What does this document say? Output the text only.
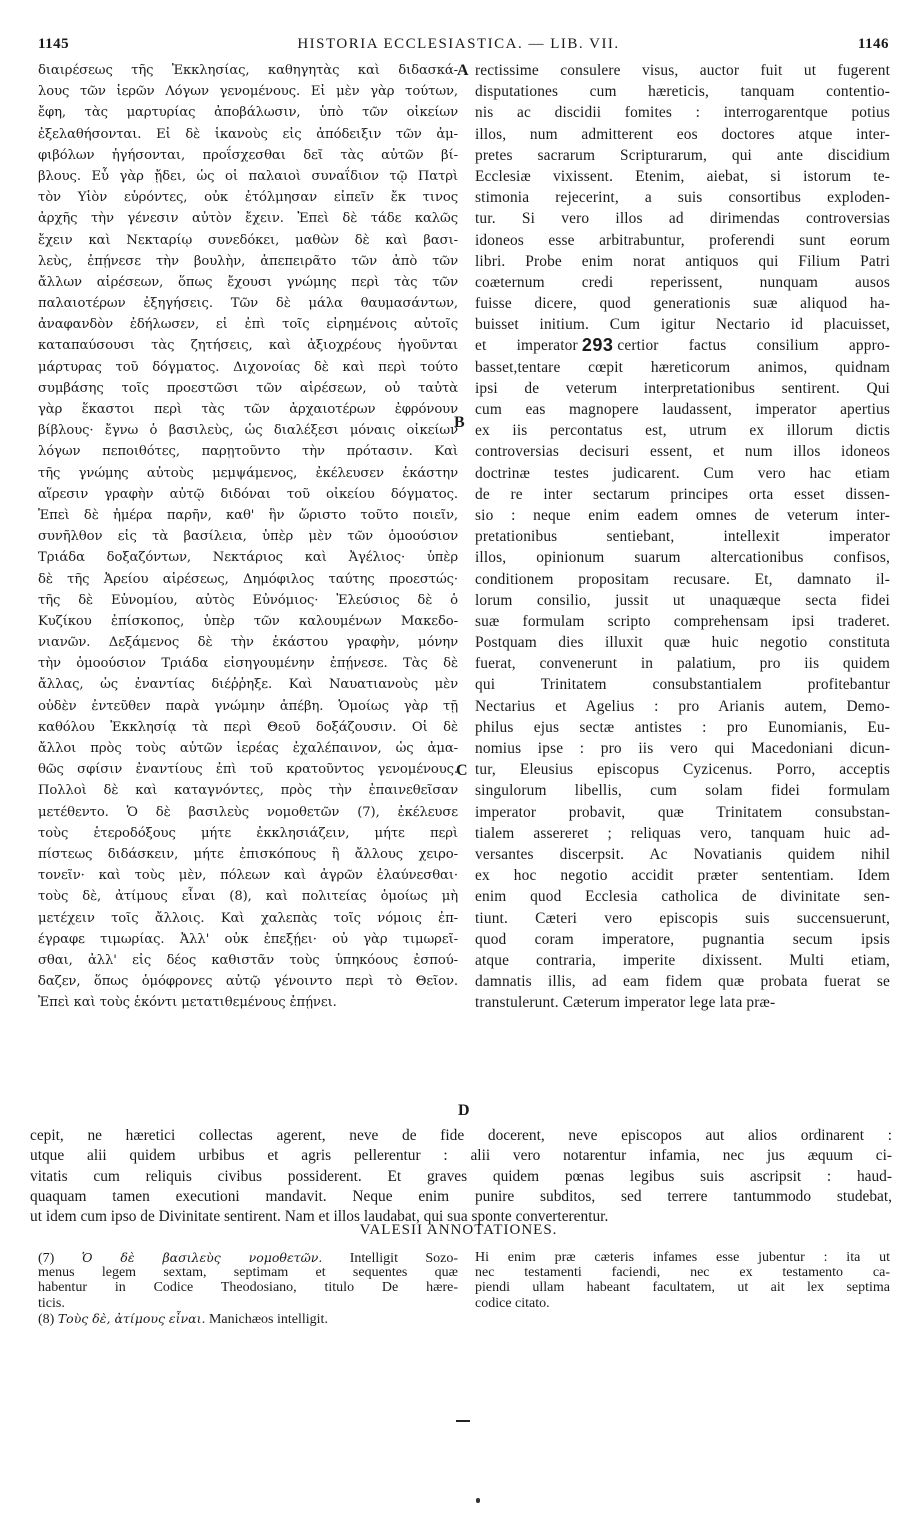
1145	HISTORIA ECCLESIASTICA. — LIB. VII.	1146
διαιρέσεως τῆς Ἐκκλησίας, καθηγητὰς καὶ διδασκά-
λους τῶν ἱερῶν Λόγων γενομένους. Εἰ μὲν γὰρ τούτων,
ἔφη, τὰς μαρτυρίας ἀποβάλωσιν, ὑπὸ τῶν οἰκείων
ἐξελαθήσονται. Εἰ δὲ ἱκανοὺς εἰς ἀπόδειξιν τῶν ἀμ-
φιβόλων ἡγήσονται, προΐσχεσθαι δεῖ τὰς αὐτῶν βί-
βλους. Εὖ γὰρ ᾔδει, ὡς οἱ παλαιοὶ συναΐδιον τῷ Πατρὶ
τὸν Υἱὸν εὑρόντες, οὐκ ἐτόλμησαν εἰπεῖν ἔκ τινος
ἀρχῆς τὴν γένεσιν αὐτὸν ἔχειν. Ἐπεὶ δὲ τάδε καλῶς
ἔχειν καὶ Νεκταρίῳ συνεδόκει, μαθὼν δὲ καὶ βασι-
λεὺς, ἐπῄνεσε τὴν βουλὴν, ἀπεπειρᾶτο τῶν ἀπὸ τῶν
ἄλλων αἱρέσεων, ὅπως ἔχουσι γνώμης περὶ τὰς τῶν
παλαιοτέρων ἐξηγήσεις. Τῶν δὲ μάλα θαυμασάντων,
ἀναφανδὸν ἐδήλωσεν, εἰ ἐπὶ τοῖς εἰρημένοις αὐτοῖς
καταπαύσουσι τὰς ζητήσεις, καὶ ἀξιοχρέους ἡγοῦνται
μάρτυρας τοῦ δόγματος. Διχονοίας δὲ καὶ περὶ τούτο
συμβάσης τοῖς προεστῶσι τῶν αἱρέσεων, οὐ ταὐτὰ
γὰρ ἕκαστοι περὶ τὰς τῶν ἀρχαιοτέρων ἐφρόνουν
βίβλους· ἔγνω ὁ βασιλεὺς, ὡς διαλέξεσι μόναις οἰκείων
λόγων πεποιθότες, παρῃτοῦντο τὴν πρότασιν. Καὶ
τῆς γνώμης αὐτοὺς μεμψάμενος, ἐκέλευσεν ἑκάστην
αἵρεσιν γραφὴν αὐτῷ διδόναι τοῦ οἰκείου δόγματος.
Ἐπεὶ δὲ ἡμέρα παρῆν, καθ' ἣν ὥριστο τοῦτο ποιεῖν,
συνῆλθον εἰς τὰ βασίλεια, ὑπὲρ μὲν τῶν ὁμοούσιον
Τριάδα δοξαζόντων, Νεκτάριος καὶ Ἀγέλιος· ὑπὲρ
δὲ τῆς Ἀρείου αἱρέσεως, Δημόφιλος ταύτης προεστώς·
τῆς δὲ Εὐνομίου, αὐτὸς Εὐνόμιος· Ἐλεύσιος δὲ ὁ
Κυζίκου ἐπίσκοπος, ὑπὲρ τῶν καλουμένων Μακεδο-
νιανῶν. Δεξάμενος δὲ τὴν ἑκάστου γραφὴν, μόνην
τὴν ὁμοούσιον Τριάδα εἰσηγουμένην ἐπῄνεσε. Τὰς δὲ
ἄλλας, ὡς ἐναντίας διέῤῥηξε. Καὶ Ναυατιανοὺς μὲν
οὐδὲν ἐντεῦθεν παρὰ γνώμην ἀπέβη. Ὁμοίως γὰρ τῇ
καθόλου Ἐκκλησίᾳ τὰ περὶ Θεοῦ δοξάζουσιν. Οἱ δὲ
ἄλλοι πρὸς τοὺς αὐτῶν ἱερέας ἐχαλέπαινον, ὡς ἀμα-
θῶς σφίσιν ἐναντίους ἐπὶ τοῦ κρατοῦντος γενομένους.
Πολλοὶ δὲ καὶ καταγνόντες, πρὸς τὴν ἐπαινεθεῖσαν
μετέθεντο. Ὁ δὲ βασιλεὺς νομοθετῶν (7), ἐκέλευσε
τοὺς ἑτεροδόξους μήτε ἐκκλησιάζειν, μήτε περὶ
πίστεως διδάσκειν, μήτε ἐπισκόπους ἢ ἄλλους χειρο-
τονεῖν· καὶ τοὺς μὲν, πόλεων καὶ ἀγρῶν ἐλαύνεσθαι·
τοὺς δὲ, ἀτίμους εἶναι (8), καὶ πολιτείας ὁμοίως μὴ
μετέχειν τοῖς ἄλλοις. Καὶ χαλεπὰς τοῖς νόμοις ἐπ-
έγραφε τιμωρίας. Ἀλλ' οὐκ ἐπεξῄει· οὐ γὰρ τιμωρεῖ-
σθαι, ἀλλ' εἰς δέος καθιστᾶν τοὺς ὑπηκόους ἐσπού-
δαζεν, ὅπως ὁμόφρονες αὐτῷ γένοιντο περὶ τὸ Θεῖον.
Ἐπεὶ καὶ τοὺς ἑκόντι μετατιθεμένους ἐπῄνει.
rectissime consulere visus, auctor fuit ut fugerent
disputationes cum hæreticis, tanquam contentio-
nis ac discidii fomites : interrogarentque potius
illos, num admitterent eos doctores atque inter-
pretes sacrarum Scripturarum, qui ante discidium
Ecclesiæ vixissent. Etenim, aiebat, si istorum te-
stimonia rejecerint, a suis consortibus exploden-
tur. Si vero illos ad dirimendas controversias
idoneos esse arbitrabuntur, proferendi sunt eorum
libri. Probe enim norat antiquos qui Filium Patri
coæternum credi reperissent, nunquam ausos
fuisse dicere, quod generationis suæ aliquod ha-
buisset initium. Cum igitur Nectario id placuisset,
et imperator 293 certior factus consilium appro-
basset,tentare cœpit hæreticorum animos, quidnam
ipsi de veterum interpretationibus sentirent. Qui
cum eas magnopere laudassent, imperator apertius
ex iis percontatus est, utrum ex illorum dictis
controversias decisuri essent, et num illos idoneos
doctrinæ testes judicarent. Cum vero hac etiam
de re inter sectarum principes orta esset dissen-
sio : neque enim eadem omnes de veterum inter-
pretationibus sentiebant, intellexit imperator
illos, opinionum suarum altercationibus confisos,
conditionem propositam recusare. Et, damnato il-
lorum consilio, jussit ut unaquæque secta fidei
suæ formulam scripto comprehensam ipsi traderet.
Postquam dies illuxit quæ huic negotio constituta
fuerat, convenerunt in palatium, pro iis quidem
qui Trinitatem consubstantialem profitebantur
Nectarius et Agelius : pro Arianis autem, Demo-
philus ejus sectæ antistes : pro Eunomianis, Eu-
nomius ipse : pro iis vero qui Macedoniani dicun-
tur, Eleusius episcopus Cyzicenus. Porro, acceptis
singulorum libellis, cum solam fidei formulam
imperator probavit, quæ Trinitatem consubstan-
tialem assereret ; reliquas vero, tanquam huic ad-
versantes discerpsit. Ac Novatianis quidem nihil
ex hoc negotio accidit præter sententiam. Idem
enim quod Ecclesia catholica de divinitate sen-
tiunt. Cæteri vero episcopis suis succensuerunt,
quod coram imperatore, pugnantia secum ipsis
atque contraria, imperite dixissent. Multi etiam,
damnatis illis, ad eam fidem quæ probata fuerat se
transtulerunt. Cæterum imperator lege lata præ-
A
B
C
D
cepit, ne hæretici collectas agerent, neve de fide docerent, neve episcopos aut alios ordinarent :
utque alii quidem urbibus et agris pellerentur : alii vero notarentur infamia, nec jus æquum ci-
vitatis cum reliquis civibus possiderent. Et graves quidem pœnas legibus suis ascripsit : haud-
quaquam tamen executioni mandavit. Neque enim punire subditos, sed terrere tantummodo studebat,
ut idem cum ipso de Divinitate sentirent. Nam et illos laudabat, qui sua sponte converterentur.
VALESII ANNOTATIONES.
(7) Ὁ δὲ βασιλεὺς νομοθετῶν. Intelligit Sozo-
menus legem sextam, septimam et sequentes quæ
habentur in Codice Theodosiano, titulo De hære-
ticis.
(8) Τοὺς δὲ, ἀτίμους εἶναι. Manichæos intelligit.
Hi enim præ cæteris infames esse jubentur : ita ut
nec testamenti faciendi, nec ex testamento ca-
piendi ullam habeant facultatem, ut ait lex septima
codice citato.
